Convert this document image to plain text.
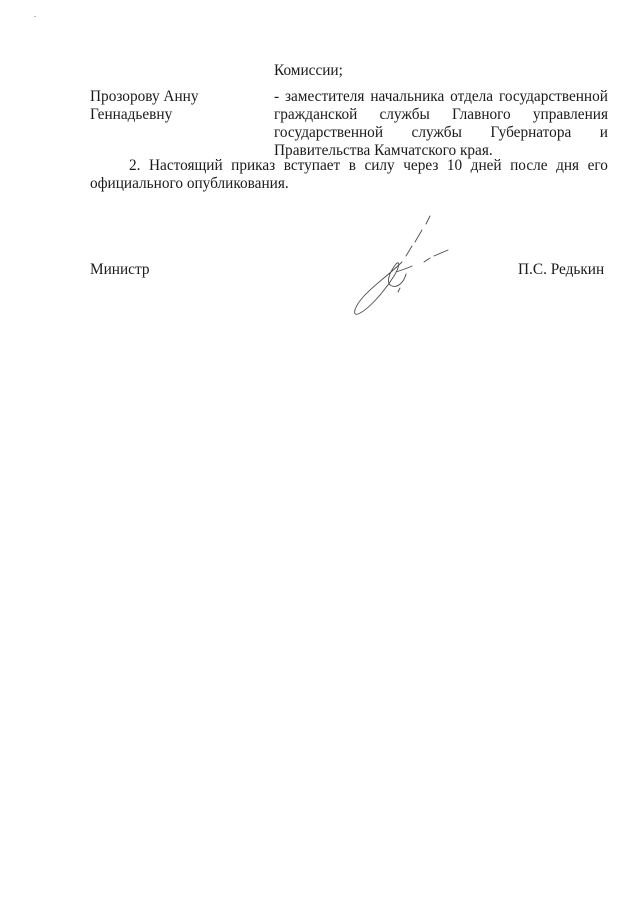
Комиссии;
Прозорову Анну
Геннадьевну
- заместителя начальника отдела государственной
гражданской службы Главного управления
государственной службы Губернатора и
Правительства Камчатского края.
2. Настоящий приказ вступает в силу через 10 дней после дня его
официального опубликования.
Министр	П.С. Редькин
